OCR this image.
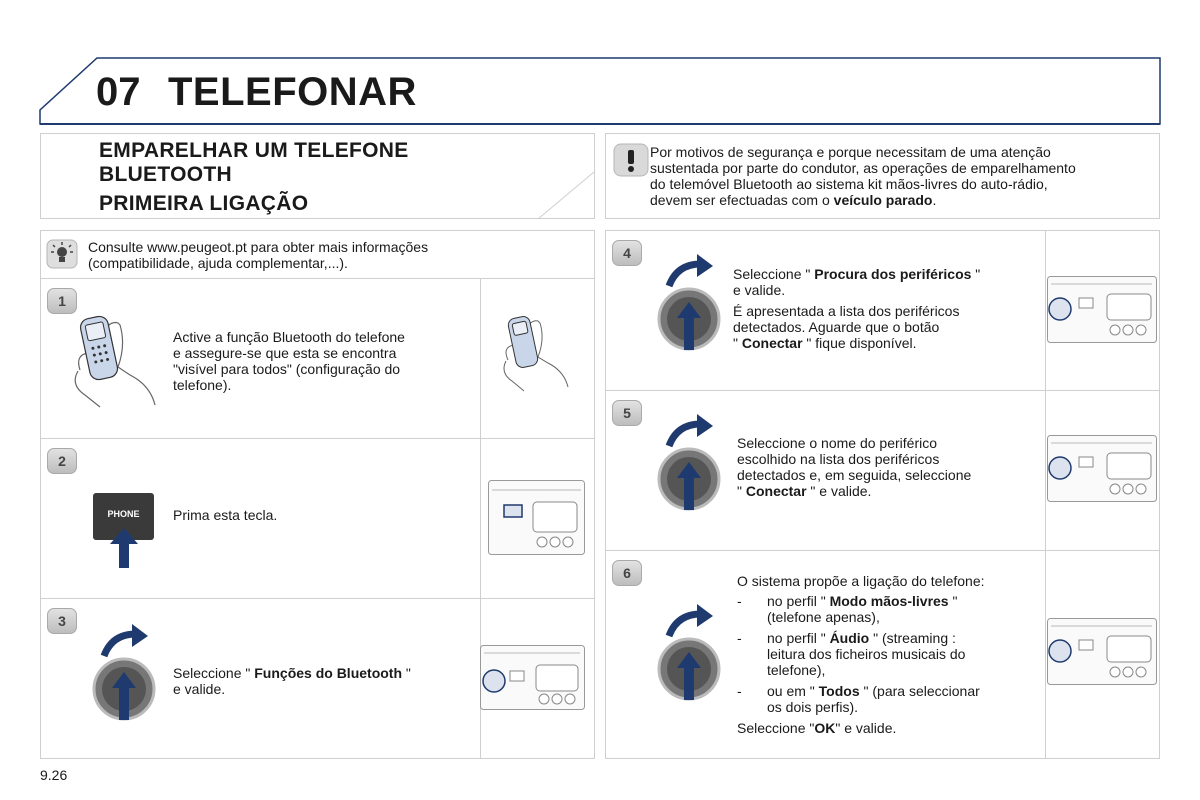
07 TELEFONAR
EMPARELHAR UM TELEFONE
BLUETOOTH
PRIMEIRA LIGAÇÃO
Por motivos de segurança e porque necessitam de uma atenção
sustentada por parte do condutor, as operações de emparelhamento
do telemóvel Bluetooth ao sistema kit mãos-livres do auto-rádio,
devem ser efectuadas com o veículo parado.
Consulte www.peugeot.pt para obter mais informações
(compatibilidade, ajuda complementar,...).
1
Active a função Bluetooth do telefone
e assegure-se que esta se encontra
"visível para todos" (configuração do
telefone).
2
PHONE	Prima esta tecla.
3
Seleccione " Funções do Bluetooth "
e valide.
4
Seleccione " Procura dos periféricos "
e valide.
É apresentada a lista dos periféricos
detectados. Aguarde que o botão
" Conectar " fique disponível.
5
Seleccione o nome do periférico
escolhido na lista dos periféricos
detectados e, em seguida, seleccione
" Conectar " e valide.
6	O sistema propõe a ligação do telefone:
- no perfil " Modo mãos-livres "
(telefone apenas),
- no perfil " Áudio " (streaming :
leitura dos ficheiros musicais do
telefone),
- ou em " Todos " (para seleccionar
os dois perfis).
Seleccione "OK" e valide.
9.26
